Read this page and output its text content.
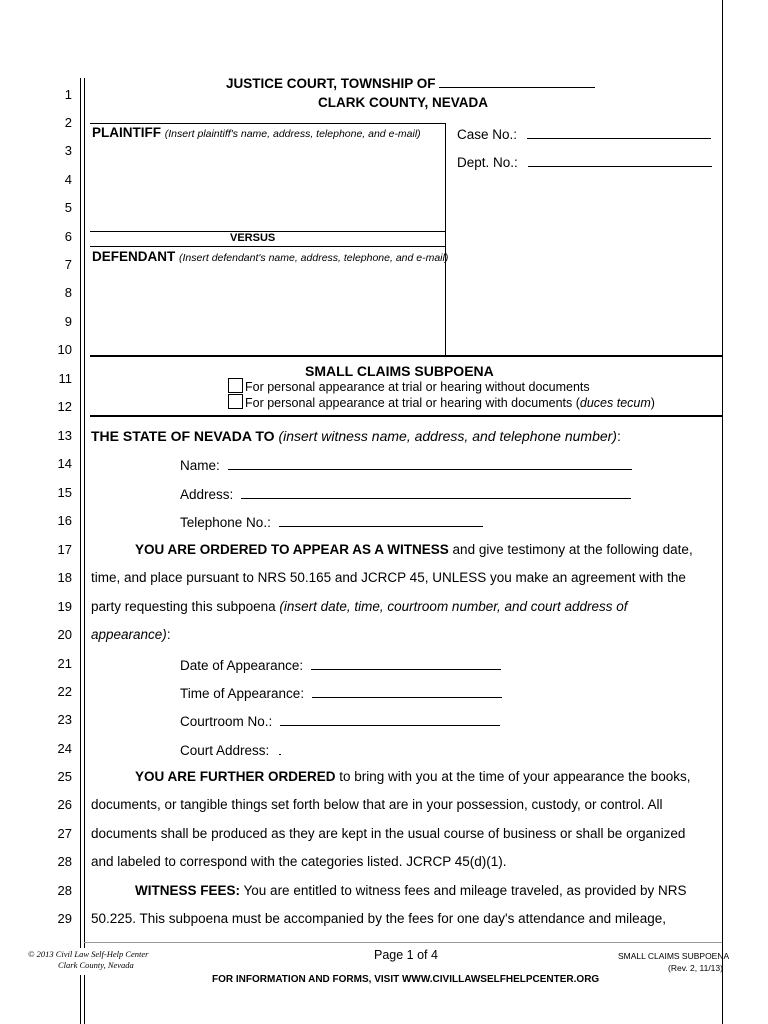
JUSTICE COURT, TOWNSHIP OF
CLARK COUNTY, NEVADA
PLAINTIFF (Insert plaintiff's name, address, telephone, and e-mail)
VERSUS
DEFENDANT (Insert defendant's name, address, telephone, and e-mail)
Case No.:
Dept. No.:
SMALL CLAIMS SUBPOENA
For personal appearance at trial or hearing without documents
For personal appearance at trial or hearing with documents (duces tecum)
THE STATE OF NEVADA TO (insert witness name, address, and telephone number):
Name:
Address:
Telephone No.:
YOU ARE ORDERED TO APPEAR AS A WITNESS and give testimony at the following date,
time, and place pursuant to NRS 50.165 and JCRCP 45, UNLESS you make an agreement with the
party requesting this subpoena (insert date, time, courtroom number, and court address of
appearance):
Date of Appearance:
Time of Appearance:
Courtroom No.:
Court Address:
YOU ARE FURTHER ORDERED to bring with you at the time of your appearance the books,
documents, or tangible things set forth below that are in your possession, custody, or control. All
documents shall be produced as they are kept in the usual course of business or shall be organized
and labeled to correspond with the categories listed. JCRCP 45(d)(1).
WITNESS FEES: You are entitled to witness fees and mileage traveled, as provided by NRS
50.225. This subpoena must be accompanied by the fees for one day's attendance and mileage,
1
2
3
4
5
6
7
8
9
10
11
12
13
14
15
16
17
18
19
20
21
22
23
24
25
26
27
28
28
29
© 2013 Civil Law Self-Help Center
Clark County, Nevada
Page 1 of 4	SMALL CLAIMS SUBPOENA
(Rev. 2, 11/13)
FOR INFORMATION AND FORMS, VISIT WWW.CIVILLAWSELFHELPCENTER.ORG
